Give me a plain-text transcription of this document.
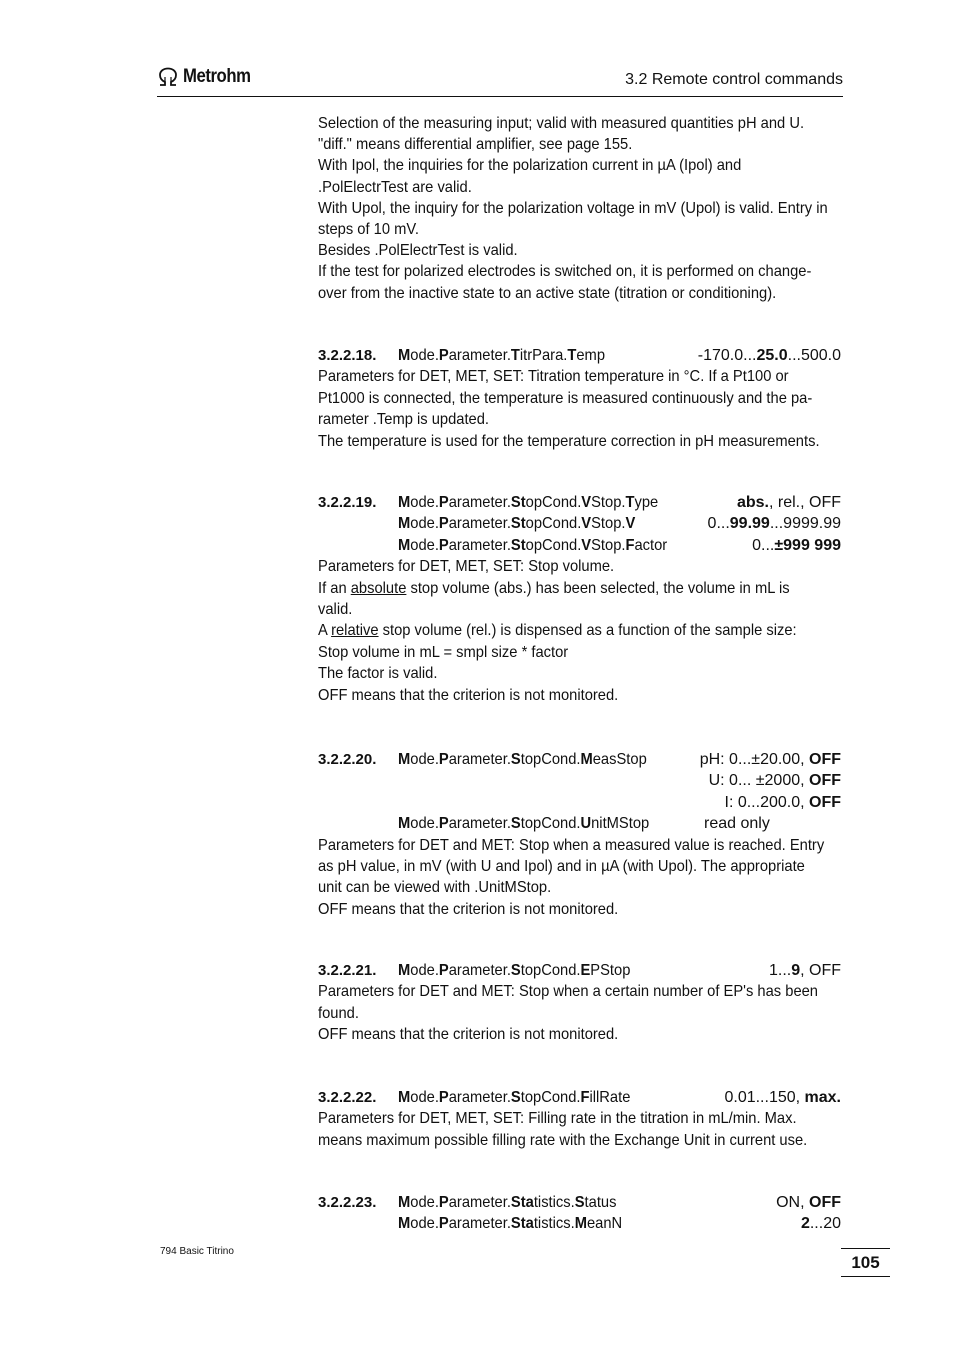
Metrohm	3.2 Remote control commands

Selection of the measuring input; valid with measured quantities pH and U.

"diff." means differential amplifier, see page 155.

With Ipol, the inquiries for the polarization current in µA (Ipol) and

.PolElectrTest are valid.

With Upol, the inquiry for the polarization voltage in mV (Upol) is valid. Entry in

steps of 10 mV.

Besides .PolElectrTest is valid.

If the test for polarized electrodes is switched on, it is performed on change-

over from the inactive state to an active state (titration or conditioning).

3.2.2.18.	Mode.Parameter.TitrPara.Temp	-170.0...25.0...500.0

Parameters for DET, MET, SET: Titration temperature in °C. If a Pt100 or

Pt1000 is connected, the temperature is measured continuously and the pa-

rameter .Temp is updated.

The temperature is used for the temperature correction in pH measurements.

3.2.2.19.	Mode.Parameter.StopCond.VStop.Type	abs., rel., OFF
Mode.Parameter.StopCond.VStop.V	0...99.99...9999.99
Mode.Parameter.StopCond.VStop.Factor	0...±999 999

Parameters for DET, MET, SET: Stop volume.

If an absolute stop volume (abs.) has been selected, the volume in mL is

valid.

A relative stop volume (rel.) is dispensed as a function of the sample size:

Stop volume in mL = smpl size * factor

The factor is valid.

OFF means that the criterion is not monitored.

3.2.2.20.	Mode.Parameter.StopCond.MeasStop	pH: 0...±20.00, OFF
U: 0... ±2000, OFF
I: 0...200.0, OFF
Mode.Parameter.StopCond.UnitMStop	read only

Parameters for DET and MET: Stop when a measured value is reached. Entry

as pH value, in mV (with U and Ipol) and in µA (with Upol). The appropriate

unit can be viewed with .UnitMStop.

OFF means that the criterion is not monitored.

3.2.2.21.	Mode.Parameter.StopCond.EPStop	1...9, OFF

Parameters for DET and MET: Stop when a certain number of EP's has been

found.

OFF means that the criterion is not monitored.

3.2.2.22.	Mode.Parameter.StopCond.FillRate	0.01...150, max.

Parameters for DET, MET, SET: Filling rate in the titration in mL/min. Max.

means maximum possible filling rate with the Exchange Unit in current use.

3.2.2.23.	Mode.Parameter.Statistics.Status	ON, OFF
Mode.Parameter.Statistics.MeanN	2...20
794 Basic Titrino
105
